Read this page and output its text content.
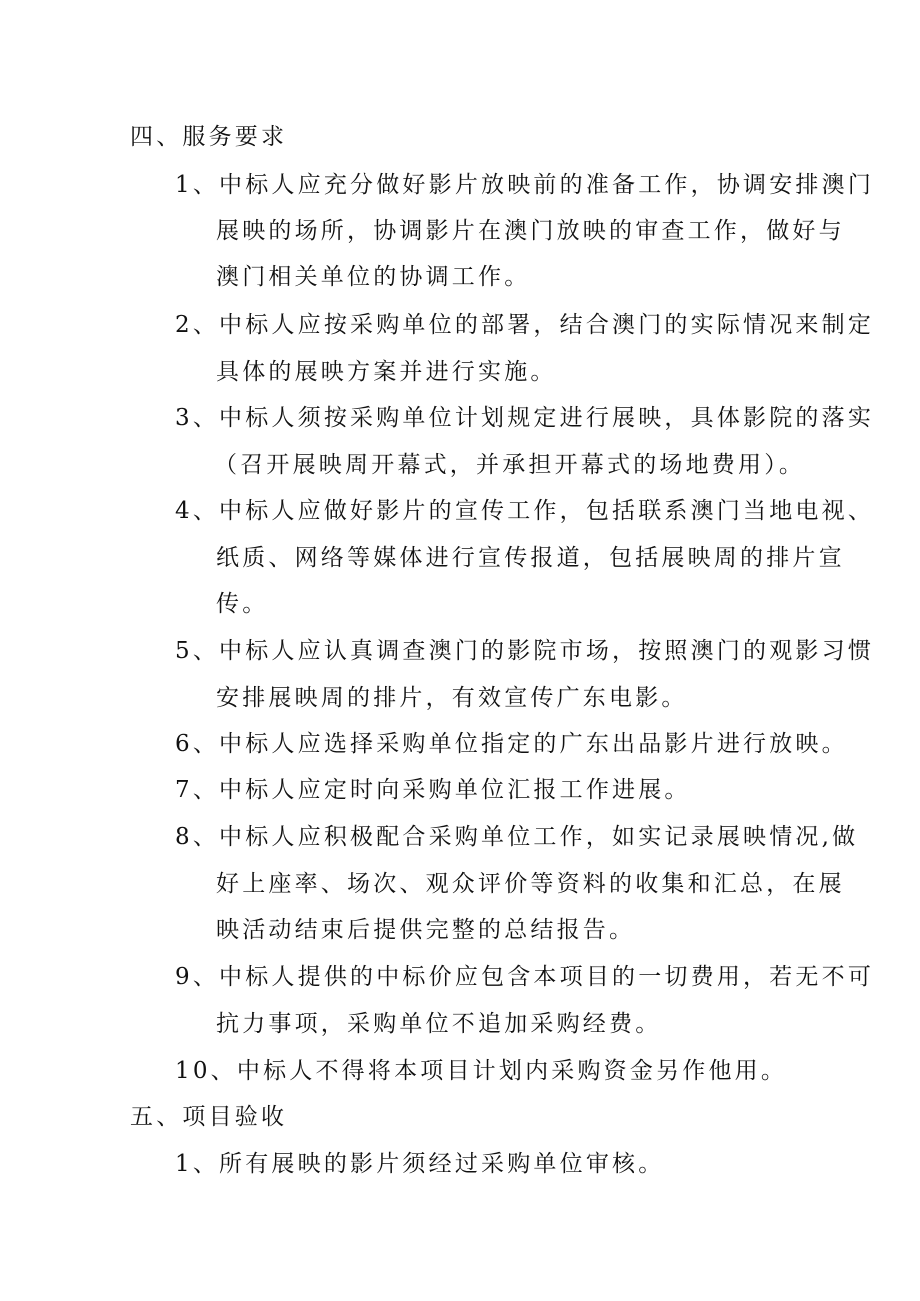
四、服务要求
1、中标人应充分做好影片放映前的准备工作，协调安排澳门
展映的场所，协调影片在澳门放映的审查工作，做好与
澳门相关单位的协调工作。
2、中标人应按采购单位的部署，结合澳门的实际情况来制定
具体的展映方案并进行实施。
3、中标人须按采购单位计划规定进行展映，具体影院的落实
（召开展映周开幕式，并承担开幕式的场地费用）。
4、中标人应做好影片的宣传工作，包括联系澳门当地电视、
纸质、网络等媒体进行宣传报道，包括展映周的排片宣
传。
5、中标人应认真调查澳门的影院市场，按照澳门的观影习惯
安排展映周的排片，有效宣传广东电影。
6、中标人应选择采购单位指定的广东出品影片进行放映。
7、中标人应定时向采购单位汇报工作进展。
8、中标人应积极配合采购单位工作，如实记录展映情况,做
好上座率、场次、观众评价等资料的收集和汇总，在展
映活动结束后提供完整的总结报告。
9、中标人提供的中标价应包含本项目的一切费用，若无不可
抗力事项，采购单位不追加采购经费。
10、中标人不得将本项目计划内采购资金另作他用。
五、项目验收
1、所有展映的影片须经过采购单位审核。
